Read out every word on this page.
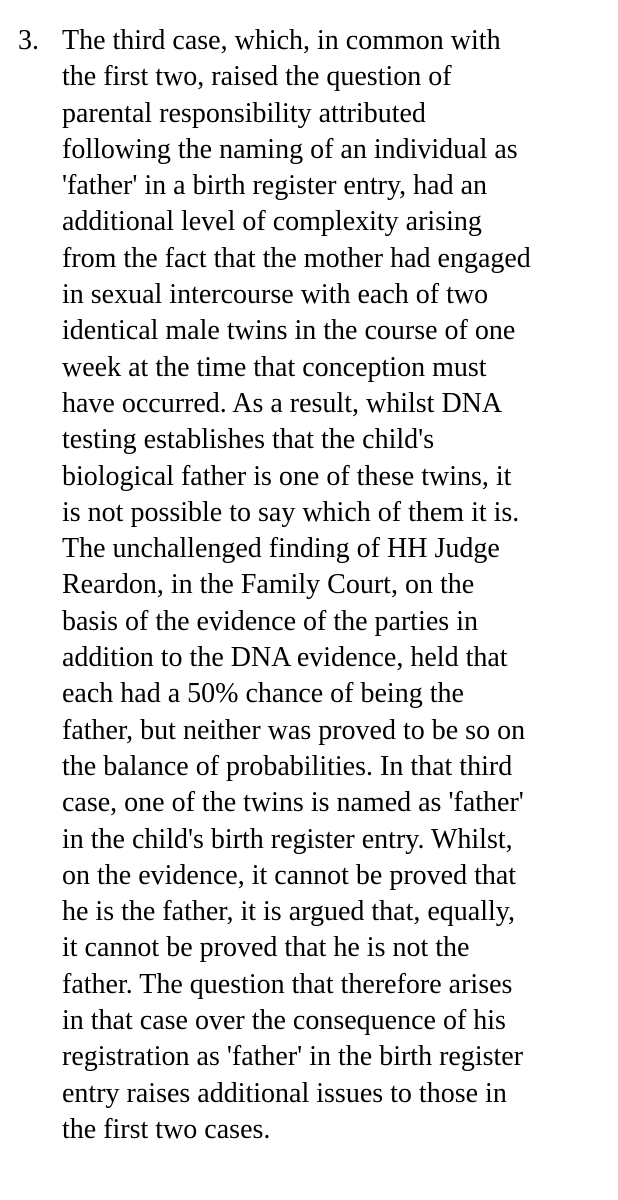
3. The third case, which, in common with
the first two, raised the question of
parental responsibility attributed
following the naming of an individual as
'father' in a birth register entry, had an
additional level of complexity arising
from the fact that the mother had engaged
in sexual intercourse with each of two
identical male twins in the course of one
week at the time that conception must
have occurred. As a result, whilst DNA
testing establishes that the child's
biological father is one of these twins, it
is not possible to say which of them it is.
The unchallenged finding of HH Judge
Reardon, in the Family Court, on the
basis of the evidence of the parties in
addition to the DNA evidence, held that
each had a 50% chance of being the
father, but neither was proved to be so on
the balance of probabilities. In that third
case, one of the twins is named as 'father'
in the child's birth register entry. Whilst,
on the evidence, it cannot be proved that
he is the father, it is argued that, equally,
it cannot be proved that he is not the
father. The question that therefore arises
in that case over the consequence of his
registration as 'father' in the birth register
entry raises additional issues to those in
the first two cases.
